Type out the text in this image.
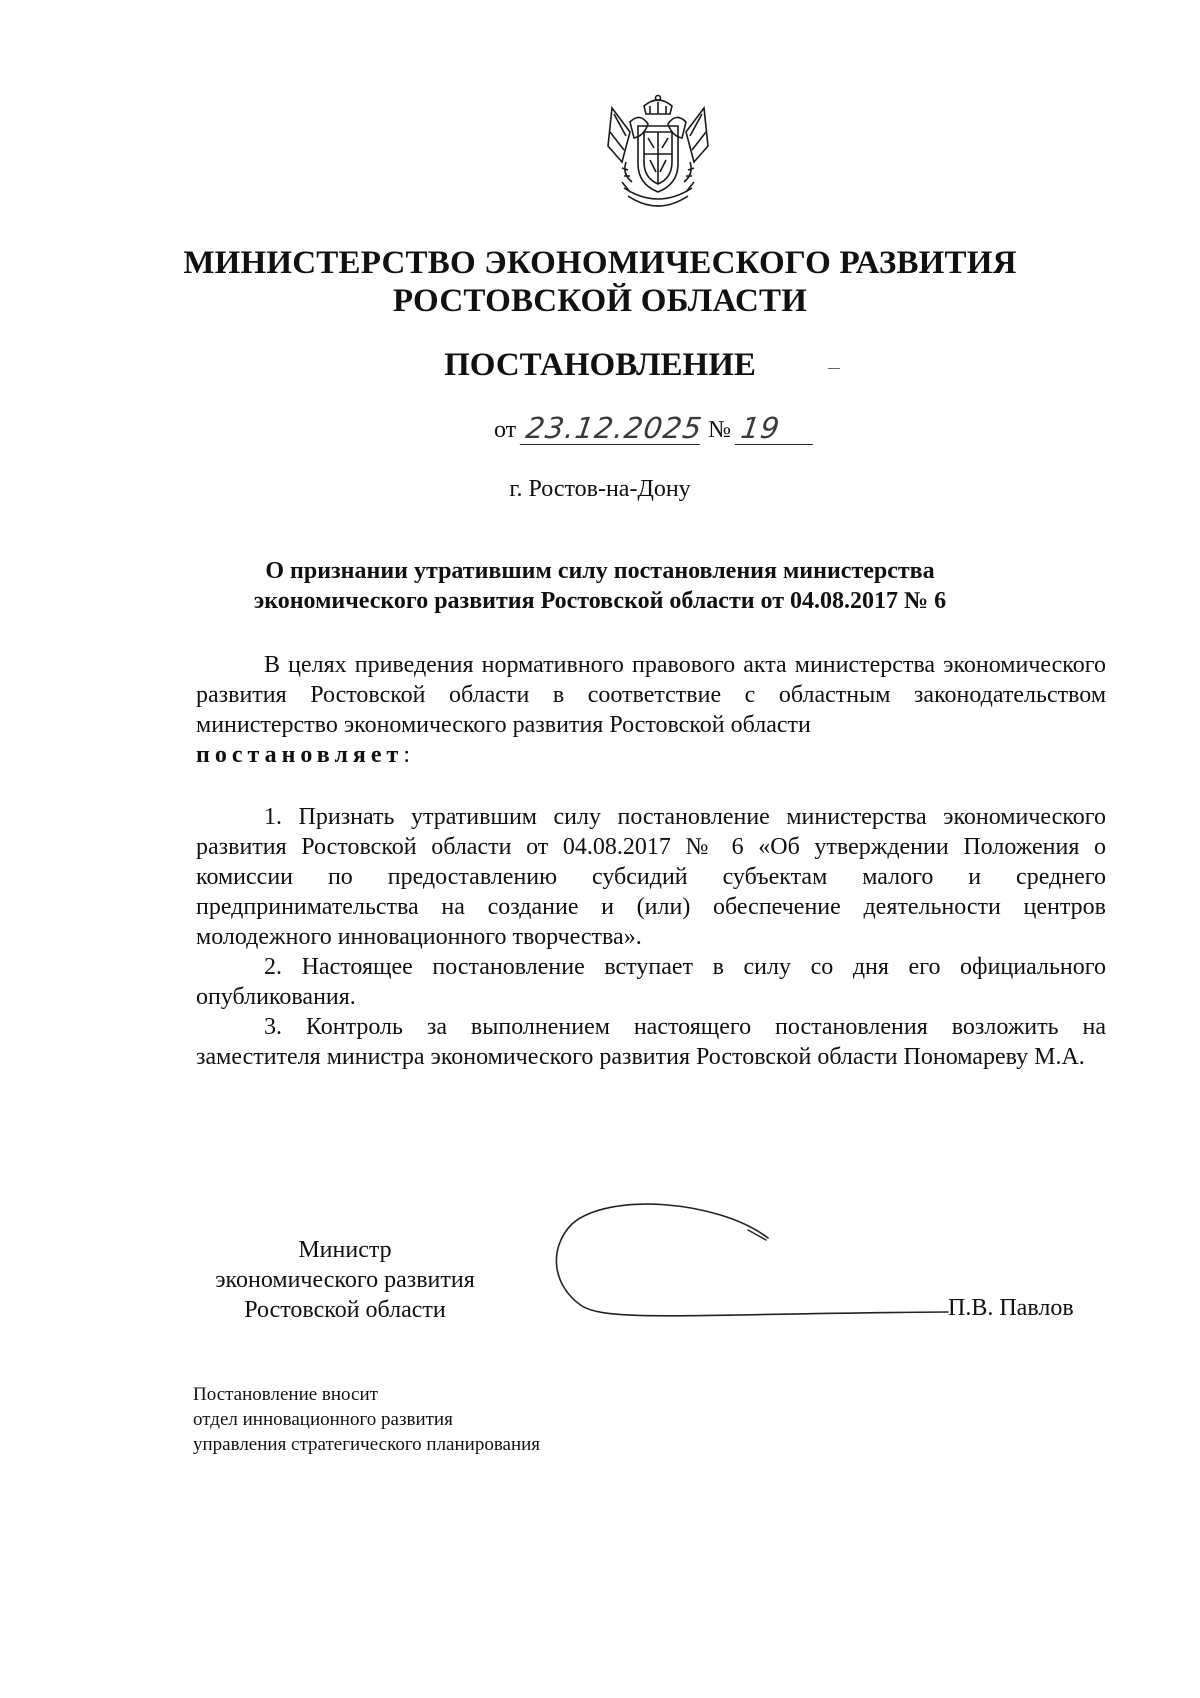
МИНИСТЕРСТВО ЭКОНОМИЧЕСКОГО РАЗВИТИЯ
РОСТОВСКОЙ ОБЛАСТИ
ПОСТАНОВЛЕНИЕ
от 23.12.2025 № 19
г. Ростов-на-Дону
О признании утратившим силу постановления министерства
экономического развития Ростовской области от 04.08.2017 № 6

В целях приведения нормативного правового акта министерства экономического развития Ростовской области в соответствие с областным законодательством министерство экономического развития Ростовской области

постановляет:

1. Признать утратившим силу постановление министерства экономического развития Ростовской области от 04.08.2017 № 6 «Об утверждении Положения о комиссии по предоставлению субсидий субъектам малого и среднего предпринимательства на создание и (или) обеспечение деятельности центров молодежного инновационного творчества».

2. Настоящее постановление вступает в силу со дня его официального опубликования.

3. Контроль за выполнением настоящего постановления возложить на заместителя министра экономического развития Ростовской области Пономареву М.А.

Министр
экономического развития
Ростовской области	П.В. Павлов
Постановление вносит
отдел инновационного развития
управления стратегического планирования
